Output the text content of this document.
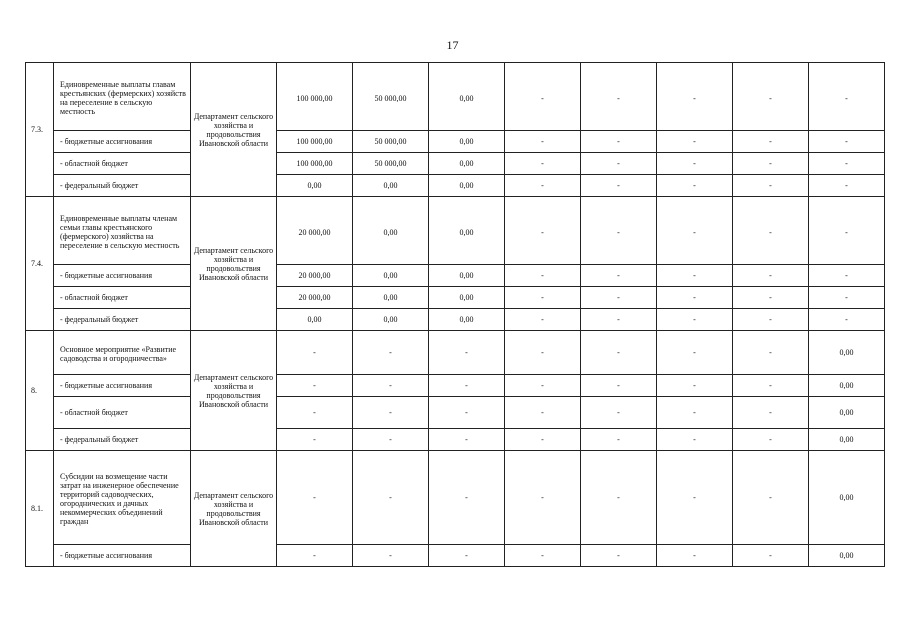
17
7.3.	Единовременные выплаты главам крестьянских (фермерских) хозяйств на переселение в сельскую местность	Департамент сельского хозяйства и продовольствия Ивановской области	100 000,00	50 000,00	0,00	-	-	-	-	-
	- бюджетные ассигнования		100 000,00	50 000,00	0,00	-	-	-	-	-
	- областной бюджет		100 000,00	50 000,00	0,00	-	-	-	-	-
	- федеральный бюджет		0,00	0,00	0,00	-	-	-	-	-
7.4.	Единовременные выплаты членам семьи главы крестьянского (фермерского) хозяйства на переселение в сельскую местность	Департамент сельского хозяйства и продовольствия Ивановской области	20 000,00	0,00	0,00	-	-	-	-	-
	- бюджетные ассигнования		20 000,00	0,00	0,00	-	-	-	-	-
	- областной бюджет		20 000,00	0,00	0,00	-	-	-	-	-
	- федеральный бюджет		0,00	0,00	0,00	-	-	-	-	-
8.	Основное мероприятие «Развитие садоводства и огородничества»	Департамент сельского хозяйства и продовольствия Ивановской области	-	-	-	-	-	-	-	0,00
	- бюджетные ассигнования		-	-	-	-	-	-	-	0,00
	- областной бюджет		-	-	-	-	-	-	-	0,00
	- федеральный бюджет		-	-	-	-	-	-	-	0,00
8.1.	Субсидии на возмещение части затрат на инженерное обеспечение территорий садоводческих, огороднических и дачных некоммерческих объединений граждан	Департамент сельского хозяйства и продовольствия Ивановской области	-	-	-	-	-	-	-	0,00
	- бюджетные ассигнования		-	-	-	-	-	-	-	0,00
